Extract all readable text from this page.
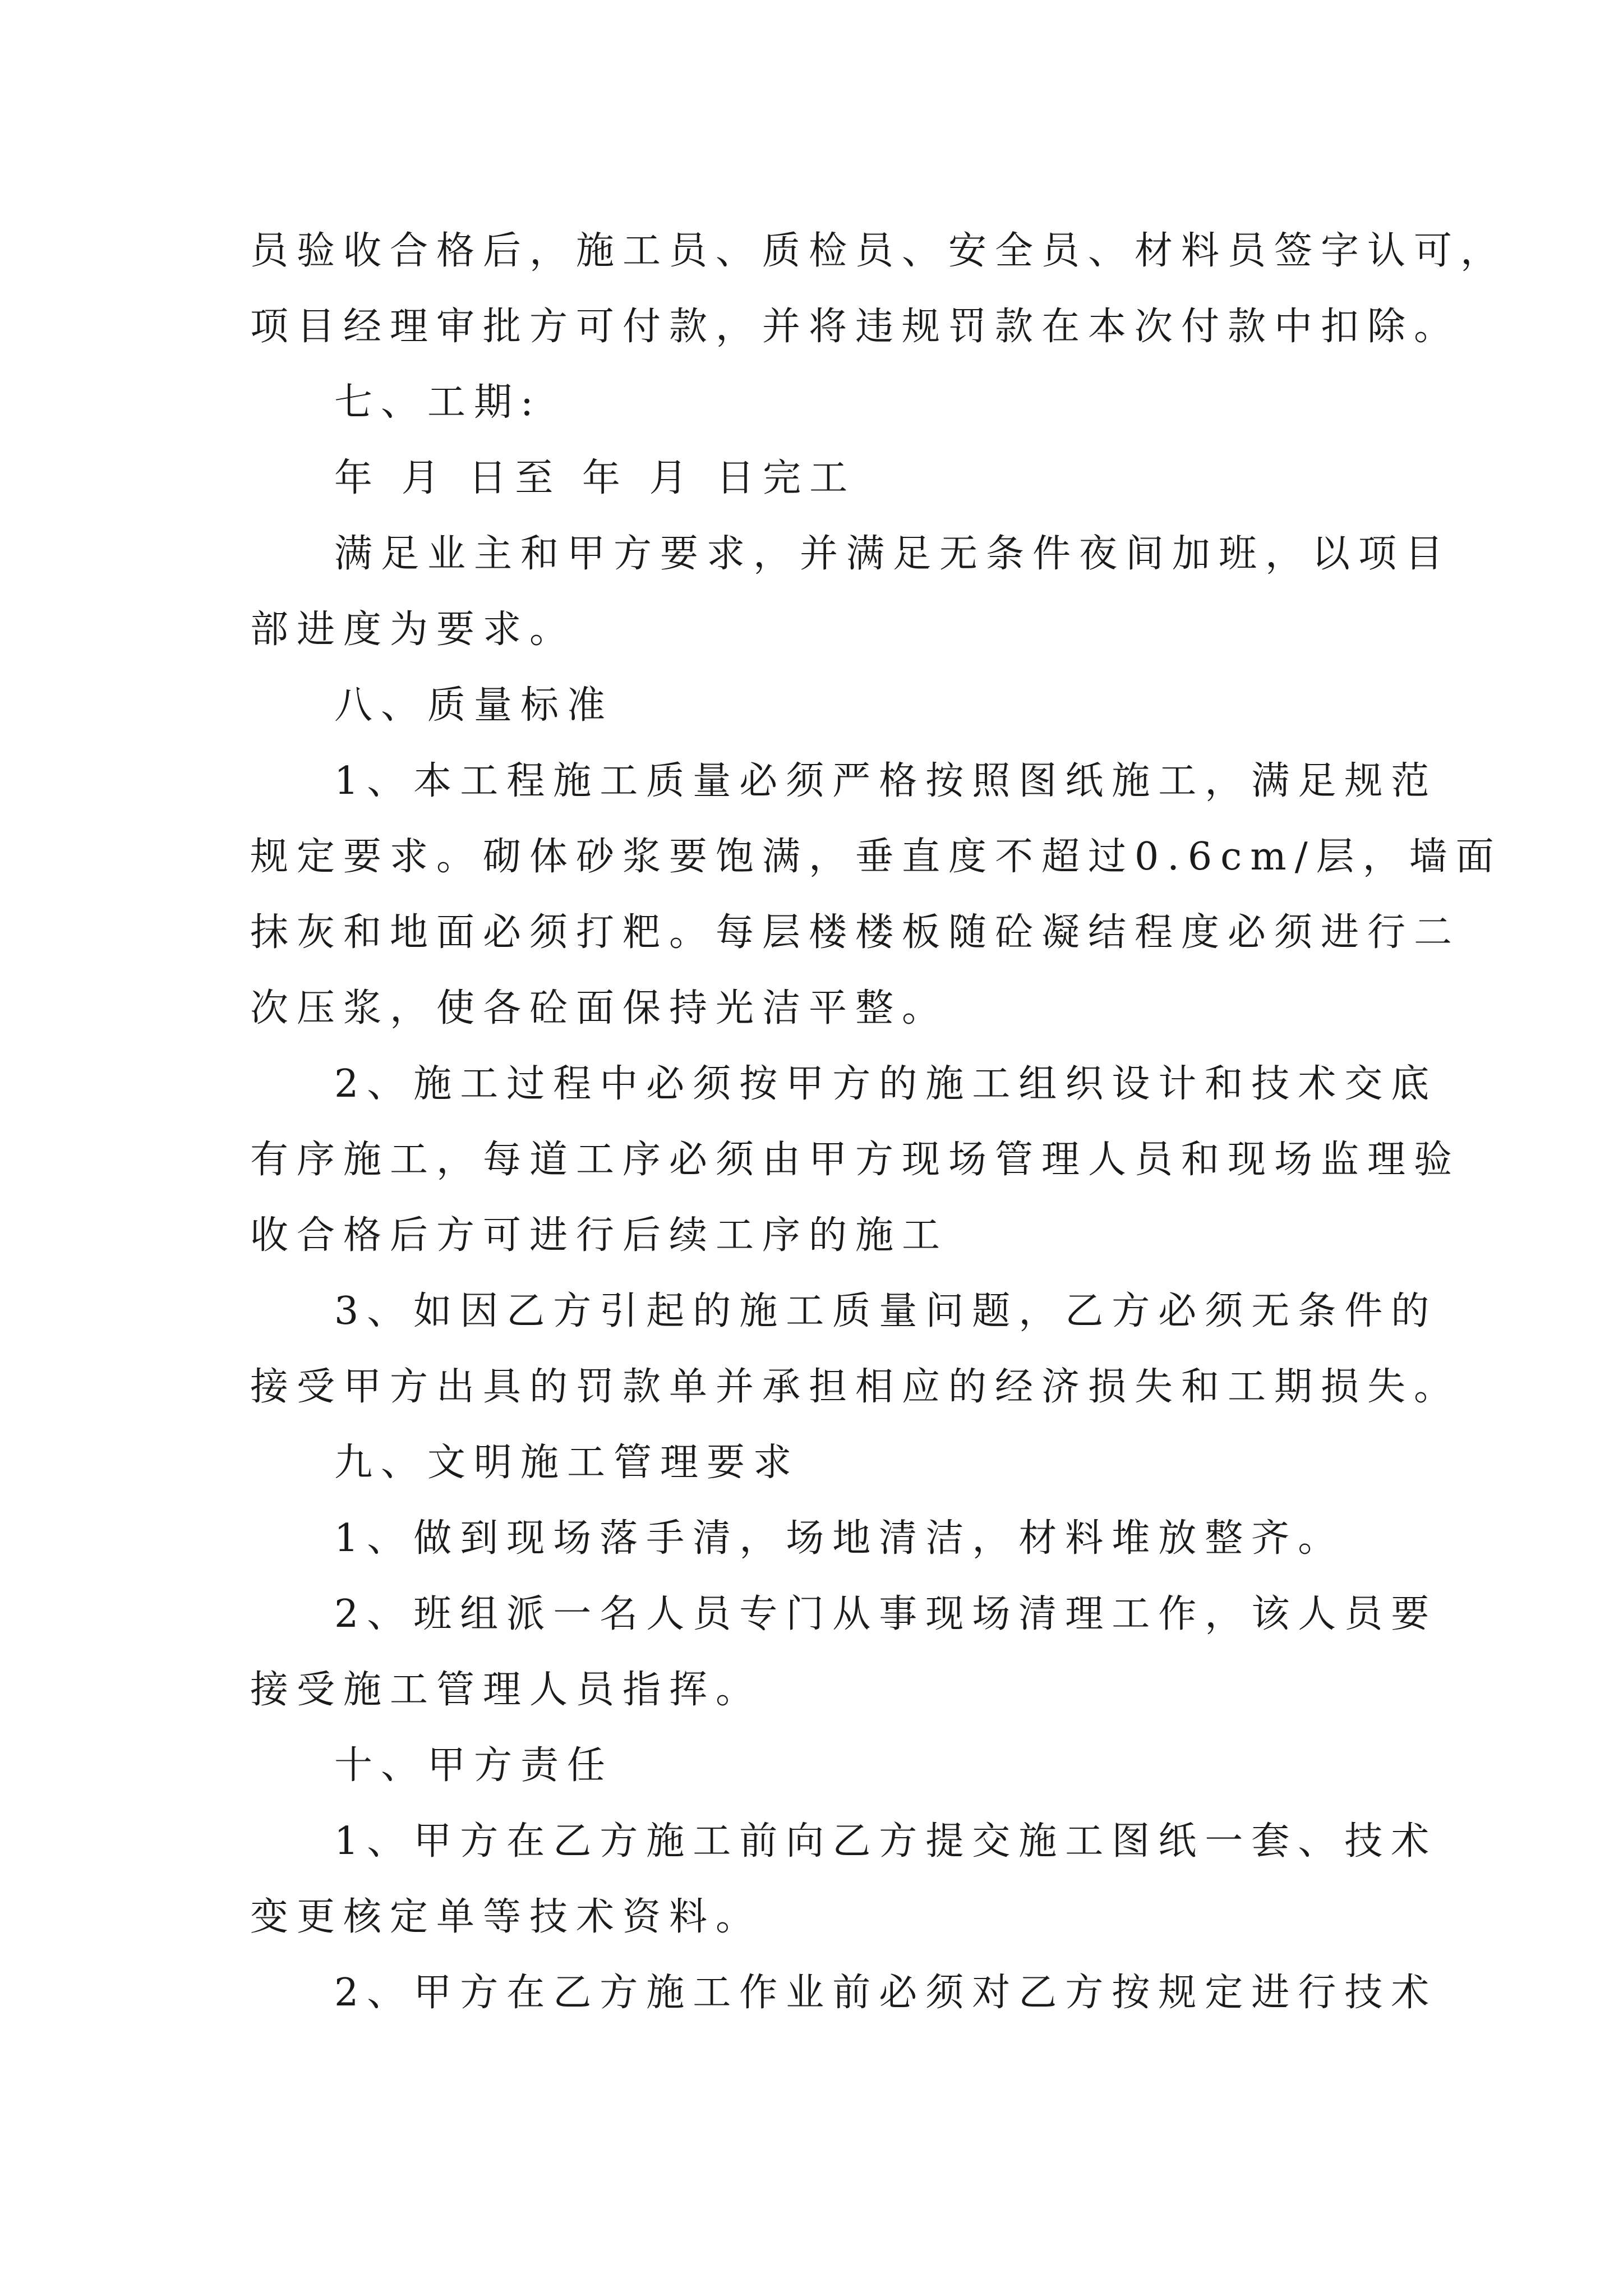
员验收合格后，施工员、质检员、安全员、材料员签字认可，
项目经理审批方可付款，并将违规罚款在本次付款中扣除。
七、工期:
年 月 日至 年 月 日完工
满足业主和甲方要求，并满足无条件夜间加班，以项目
部进度为要求。
八、质量标准
1、本工程施工质量必须严格按照图纸施工，满足规范
规定要求。砌体砂浆要饱满，垂直度不超过0.6cm/层，墙面
抹灰和地面必须打粑。每层楼楼板随砼凝结程度必须进行二
次压浆，使各砼面保持光洁平整。
2、施工过程中必须按甲方的施工组织设计和技术交底
有序施工，每道工序必须由甲方现场管理人员和现场监理验
收合格后方可进行后续工序的施工
3、如因乙方引起的施工质量问题，乙方必须无条件的
接受甲方出具的罚款单并承担相应的经济损失和工期损失。
九、文明施工管理要求
1、做到现场落手清，场地清洁，材料堆放整齐。
2、班组派一名人员专门从事现场清理工作，该人员要
接受施工管理人员指挥。
十、甲方责任
1、甲方在乙方施工前向乙方提交施工图纸一套、技术
变更核定单等技术资料。
2、甲方在乙方施工作业前必须对乙方按规定进行技术
